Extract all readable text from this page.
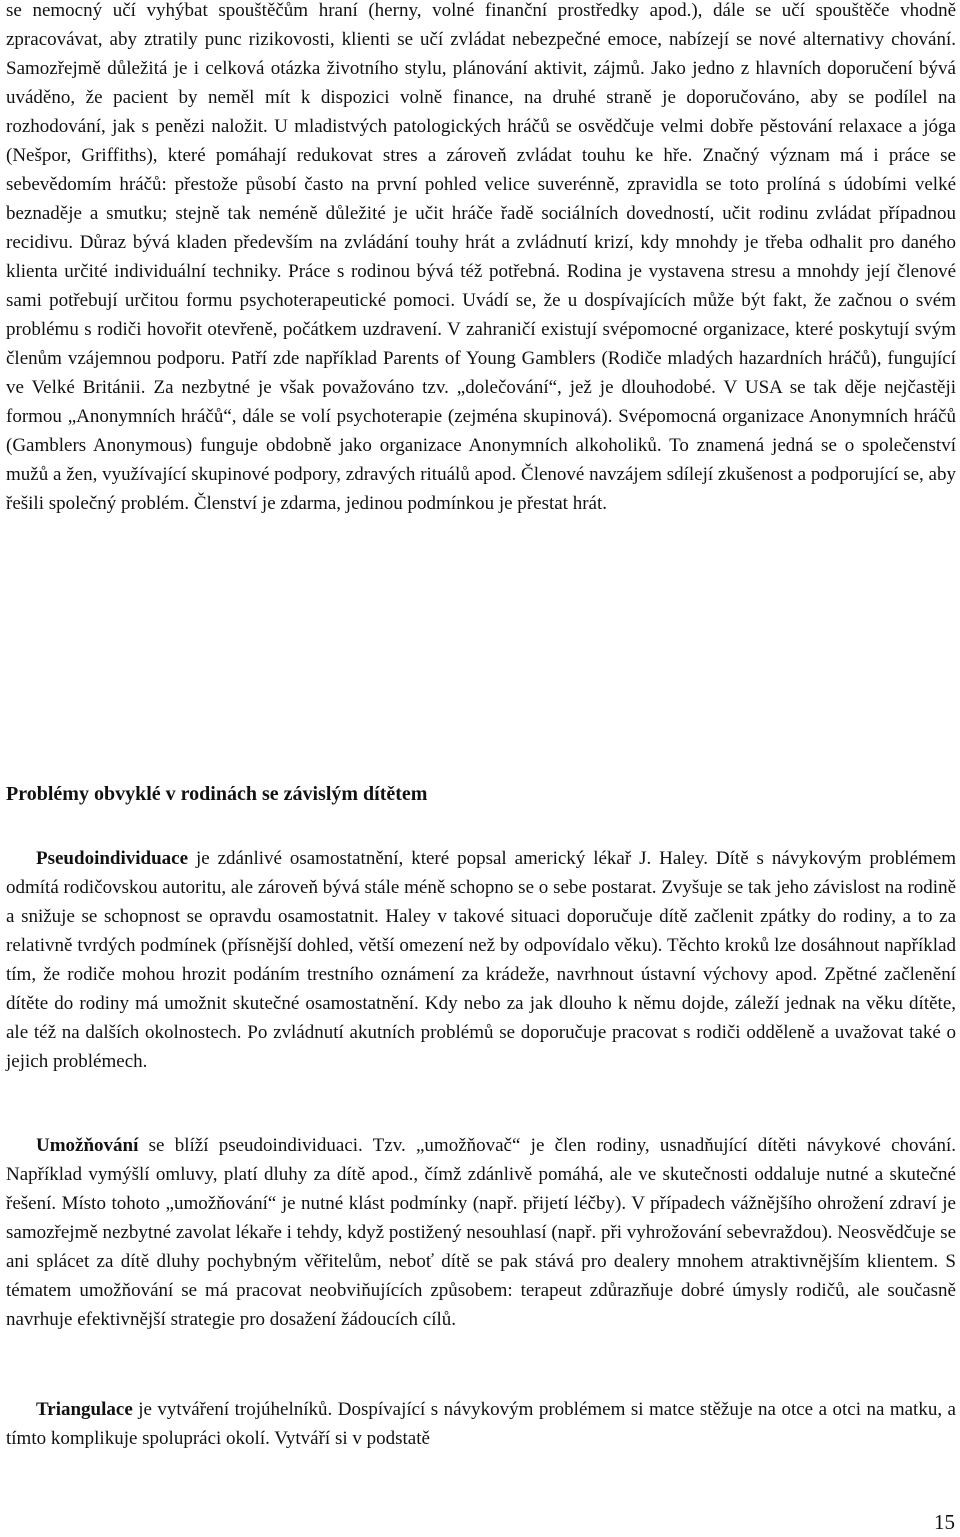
se nemocný učí vyhýbat spouštěčům hraní (herny, volné finanční prostředky apod.), dále se učí spouštěče vhodně zpracovávat, aby ztratily punc rizikovosti, klienti se učí zvládat nebezpečné emoce, nabízejí se nové alternativy chování. Samozřejmě důležitá je i celková otázka životního stylu, plánování aktivit, zájmů. Jako jedno z hlavních doporučení bývá uváděno, že pacient by neměl mít k dispozici volně finance, na druhé straně je doporučováno, aby se podílel na rozhodování, jak s penězi naložit. U mladistvých patologických hráčů se osvědčuje velmi dobře pěstování relaxace a jóga (Nešpor, Griffiths), které pomáhají redukovat stres a zároveň zvládat touhu ke hře. Značný význam má i práce se sebevědomím hráčů: přestože působí často na první pohled velice suverénně, zpravidla se toto prolíná s údobími velké beznaděje a smutku; stejně tak neméně důležité je učit hráče řadě sociálních dovedností, učit rodinu zvládat případnou recidivu. Důraz bývá kladen především na zvládání touhy hrát a zvládnutí krizí, kdy mnohdy je třeba odhalit pro daného klienta určité individuální techniky. Práce s rodinou bývá též potřebná. Rodina je vystavena stresu a mnohdy její členové sami potřebují určitou formu psychoterapeutické pomoci. Uvádí se, že u dospívajících může být fakt, že začnou o svém problému s rodiči hovořit otevřeně, počátkem uzdravení. V zahraničí existují svépomocné organizace, které poskytují svým členům vzájemnou podporu. Patří zde například Parents of Young Gamblers (Rodiče mladých hazardních hráčů), fungující ve Velké Británii. Za nezbytné je však považováno tzv. „dolečování“, jež je dlouhodobé. V USA se tak děje nejčastěji formou „Anonymních hráčů“, dále se volí psychoterapie (zejména skupinová). Svépomocná organizace Anonymních hráčů (Gamblers Anonymous) funguje obdobně jako organizace Anonymních alkoholiků. To znamená jedná se o společenství mužů a žen, využívající skupinové podpory, zdravých rituálů apod. Členové navzájem sdílejí zkušenost a podporující se, aby řešili společný problém. Členství je zdarma, jedinou podmínkou je přestat hrát.

Problémy obvyklé v rodinách se závislým dítětem

Pseudoindividuace je zdánlivé osamostatnění, které popsal americký lékař J. Haley. Dítě s návykovým problémem odmítá rodičovskou autoritu, ale zároveň bývá stále méně schopno se o sebe postarat. Zvyšuje se tak jeho závislost na rodině a snižuje se schopnost se opravdu osamostatnit. Haley v takové situaci doporučuje dítě začlenit zpátky do rodiny, a to za relativně tvrdých podmínek (přísnější dohled, větší omezení než by odpovídalo věku). Těchto kroků lze dosáhnout například tím, že rodiče mohou hrozit podáním trestního oznámení za krádeže, navrhnout ústavní výchovy apod. Zpětné začlenění dítěte do rodiny má umožnit skutečné osamostatnění. Kdy nebo za jak dlouho k němu dojde, záleží jednak na věku dítěte, ale též na dalších okolnostech. Po zvládnutí akutních problémů se doporučuje pracovat s rodiči odděleně a uvažovat také o jejich problémech.

Umožňování se blíží pseudoindividuaci. Tzv. „umožňovač“ je člen rodiny, usnadňující dítěti návykové chování. Například vymýšlí omluvy, platí dluhy za dítě apod., čímž zdánlivě pomáhá, ale ve skutečnosti oddaluje nutné a skutečné řešení. Místo tohoto „umožňování“ je nutné klást podmínky (např. přijetí léčby). V případech vážnějšího ohrožení zdraví je samozřejmě nezbytné zavolat lékaře i tehdy, když postižený nesouhlasí (např. při vyhrožování sebevraždou). Neosvědčuje se ani splácet za dítě dluhy pochybným věřitelům, neboť dítě se pak stává pro dealery mnohem atraktivnějším klientem. S tématem umožňování se má pracovat neobviňujících způsobem: terapeut zdůrazňuje dobré úmysly rodičů, ale současně navrhuje efektivnější strategie pro dosažení žádoucích cílů.

Triangulace je vytváření trojúhelníků. Dospívající s návykovým problémem si matce stěžuje na otce a otci na matku, a tímto komplikuje spolupráci okolí. Vytváří si v podstatě

15
